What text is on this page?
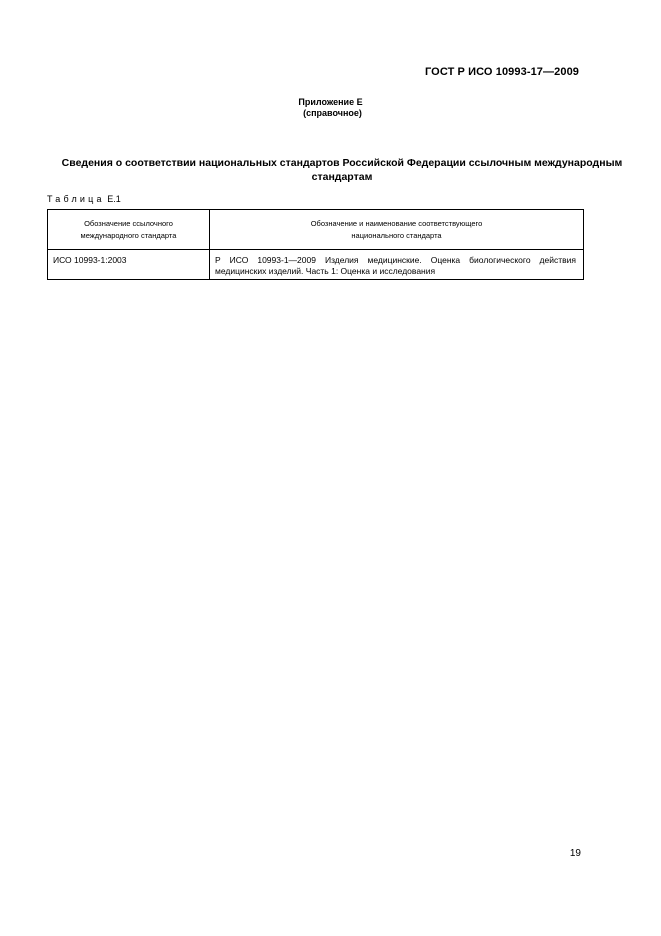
ГОСТ Р ИСО 10993-17—2009
Приложение Е
(справочное)
Сведения о соответствии национальных стандартов Российской Федерации ссылочным международным стандартам
Таблица Е.1
Обозначение ссылочного международного стандарта	Обозначение и наименование соответствующего национального стандарта
ИСО 10993-1:2003	Р ИСО 10993-1—2009 Изделия медицинские. Оценка биологического действия медицинских изделий. Часть 1: Оценка и исследования
19
